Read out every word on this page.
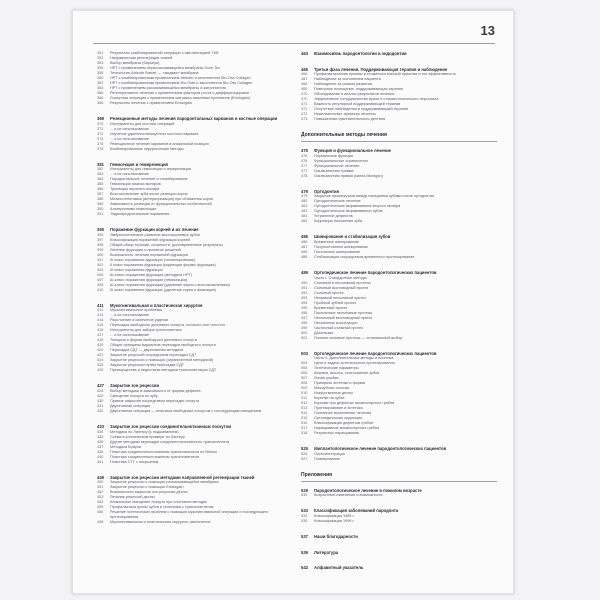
13
351	Результаты комбинированной операции с имплантацией ТКФ
352	Направленная регенерация тканей
353	Выбор мембраны (барьера)
355	НРТ с применением нерассасывающейся мембраны Gore-Tex
358	Технология Atrisorb Barrier — «жидкая» мембрана
360	НРТ с комбинированным применением Atrisorb и заполнителя Bio-Oss Collagen
362	НРТ с комбинированным применением Bio-Gide и заполнителя Bio-Oss Collagen
364	НРТ с применением рассасывающейся мембраны и заполнителя
366	Регенеративное лечение с применением факторов роста и дифференцировки
366	Лоскутная операция с применением матрикса эмалевых протеинов (Emdogain)
368	Результаты лечения с применением Emdogain
369	Резекционные методы лечения пародонтальных карманов и костные операции
370	Инструменты для костных операций
371	... и их использование
372	Изучение удаления межзубного костного кармана
374	... и их использование
376	Резекционное лечение карманов в апикальной позиции
378	Комбинированные хирургические методы
381	Гемисекция и гемирезекция
382	Инструменты для гемисекции и гемирезекции
383	... и их использование
384	Пародонтальное лечение и пломбирование
385	Гемисекция нижних моляров
386	Трисекция верхнего моляра
387	Восстановление зуба после резекции корня
388	Мезиостенотомия (антериоризация) при обнажении корня
389	Зависимость резекции от функциональных особенностей
390	Альтернативы гемисекции
391	Эндопародонтальные поражения
395	Поражение фуркации корней и их лечение
396	Эмбриологическое развитие многокорневых зубов
397	Классификация поражений фуркации корней
398	Общий обзор терапии, сложности, долговременные результаты
399	Лечение фуркации и принятие решений
400	Возможность лечения поражений фуркации
401	III класс поражения фуркации (тоннелирование)
402	II класс поражения фуркации (коррекция формы фуркации)
404	III класс поражения фуркации
406	Ш-класс поражения фуркации (методика НРТ)
407	Ш-класс поражения фуркации (гемисекция)
408	Ш-класс поражения фуркации (удаление корня с восстановлением)
410	III класс поражения фуркации (удаление корня и фиксация)
411	Мукогингивальная и пластическая хирургия
412	Мукогингивальные проблемы
413	... и их использование
414	Расслоение и иссечение уздечки
415	Пересадка свободного десневого лоскута, плоского или толстого
416	Инструменты для забора трансплантата
417	... и их использование
418	Толщина и форма свободного десневого лоскута
419	Общие принципы вариантов пересадки свободного лоскута
420	Пересадка СДТ — двухэтапная методика
422	Закрытие рецессий посредством пересадки СДТ
424	Закрытие рецессии с помощью (ограниченной методикой)
425	Закрытие рецессии путём пересадки СДТ
426	Преимущества и недостатки методики трансплантации СДТ
427	Закрытие зон рецессии
428	Выбор методики в зависимости от формы дефекта
429	Смещение лоскута по зубу
430	Прямое закрытие посредством пересадки лоскута
431	Двухэтапная операция
432	Двухэтапная операция — пластика свободным лоскутом с последующим смещением
433	Закрытие зон рецессии соединительнотканным лоскутом
434	Методика по Лангеру (с подшиванием)
435	Схема в клиническом примере по Лангеру
436	Другие методики пересадки соединительнотканного трансплантата
437	Методика Брауна
438	Пластика соединительнотканным трансплантатом по Nelson
440	Пластика соединительнотканным трансплантатом
441	Пластика СТТ с покрытием
449	Закрытие зон рецессии методами направленной регенерации тканей
450	Закрытие рецессии с помощью рассасывающейся мембраны
451	Закрытие рецессии с помощью Emdogain
452	Возможности закрытия зон рецессии десны
453	Лечение рецессий десны
454	Апикальное смещение лоскута при сочетании методик
455	Профилактика кроны зубов в сочетании с трансплантатом
456	Решение эстетических проблем с помощью мукогингивальной операции и последующего протезирования
458	Мукогингивальная и пластическая хирургия: заключение
463	Взаимосвязь пародонтологии и эндодонтии
465	Третья фаза лечения. Поддерживающая терапия и наблюдение
466	Профилактические приемы в стоматологической практике и его эффективность
467	Наблюдение за состоянием пациента
468	Наблюдение за риском развития
469	Повторное посещение, поддерживающая терапия
470	Обследование и анализ результатов лечения
470	Эффективное сотрудничество врача и стоматологического персонала
471	Важность регулярной поддерживающей терапии
471	Отсутствие наблюдения в поддерживающей терапии
472	Нежелательные эффекты лечения
473	Повышенная чувствительность дентина
Дополнительные методы лечения
475	Функция и функциональное лечение
476	Нормальные функции
476	Функциональные ограничения
477	Функциональное лечение
477	Окклюзионная травма
478	Окклюзионная правка (каппа Michigan)
479	Ортодонтия
479	Закрытие промежутков между передними зубами после ортодонтии
480	Ортодонтическое лечение
481	Ортодонтическое выравнивание второго моляра
482	Ортодонтическое выравнивание зубов
483	Устранение дефектов
484	Коррекция положения зуба
485	Шинирование и стабилизация зубов
486	Временное шинирование
487	Полупостоянное шинирование
488	Постоянное шинирование
488	Стабилизация посредством временного протезирования
489	Ортопедическое лечение пародонтологических пациентов
Часть I. Стандартные методы
490	Съемный и несъемный протезы
491	Съемный мостовидный протез
492	Съемный протез
493	Непрямой несъемный протез
494	Пробный зубной протез
495	Временный протез
496	Постоянные несъемные протезы
497	Несъемный мостовидный протез
498	Несъемные конструкции
499	Частичный съемный протез
500	Дисклюзия
501	Полные съемные протезы — оптимальный выбор
503	Ортопедическое лечение пародонтологических пациентов
Часть II. Дополнительные методы и эстетика
504	Цели и задачи эстетического протезирования
505	Эстетические параметры
506	Ширина, высота, соотношение зубов
507	Линия улыбки
508	Принципы эстетики и формы
509	Межзубные сосочки
510	Искусственные десны
511	Коронки на зубах
512	Коронки при дефектах альвеолярного гребня
513	Протезирование и эстетика
514	Поэтапное выполнение лечения
515	Ортопедические коррекции
516	Классификация дефектов гребня
517	Наращивание альвеолярного гребня
518	Результаты наращивания
525	Имплантологическое лечение пародонтологических пациентов
526	Остеоинтеграция
527	Планирование
Приложения
529	Пародонтологическое лечение в пожилом возрасте
530	Возрастные изменения и возможности
533	Классификация заболеваний пародонта
533	Классификация 1989 г.
535	Классификация 1999 г.
537	Наши благодарности
539	Литература
542	Алфавитный указатель
